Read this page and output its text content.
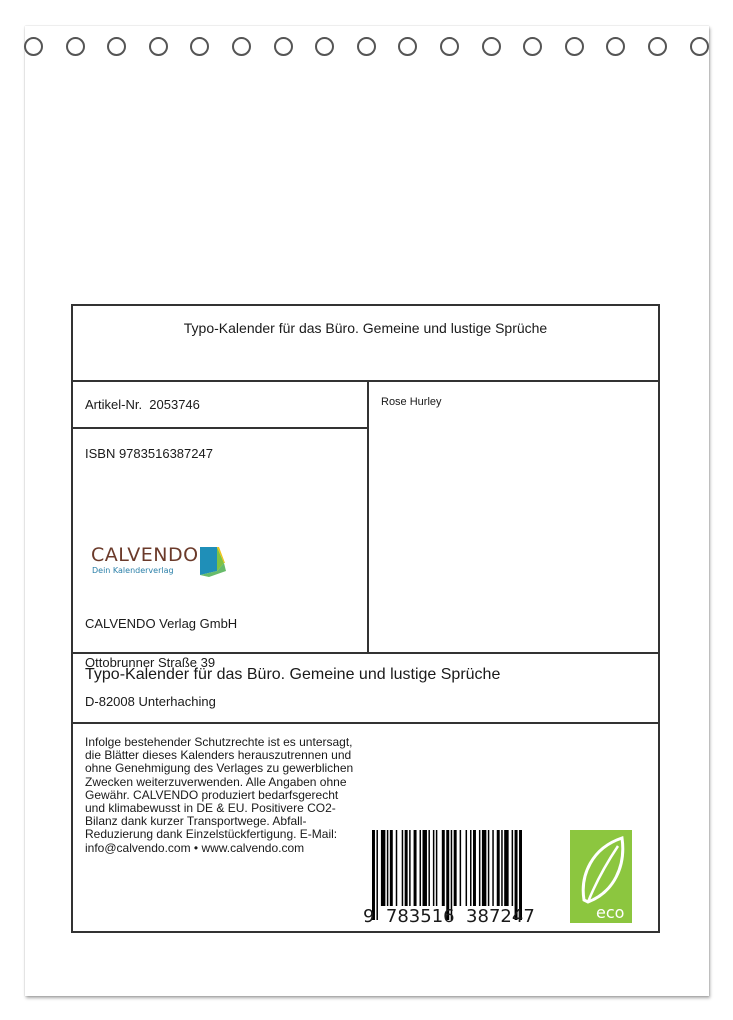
Typo-Kalender für das Büro. Gemeine und lustige Sprüche
Artikel-Nr.  2053746	Rose Hurley
ISBN 9783516387247
CALVENDO
Dein Kalenderverlag

CALVENDO Verlag GmbH

Ottobrunner Straße 39

D-82008 Unterhaching

Typo-Kalender für das Büro. Gemeine und lustige Sprüche
Infolge bestehender Schutzrechte ist es untersagt, die Blätter dieses Kalenders herauszutrennen und ohne Genehmigung des Verlages zu gewerblichen Zwecken weiterzuverwenden. Alle Angaben ohne Gewähr. CALVENDO produziert bedarfsgerecht und klimabewusst in DE & EU. Positivere CO2-Bilanz dank kurzer Transportwege. Abfall-Reduzierung dank Einzelstückfertigung. E-Mail: info@calvendo.com • www.calvendo.com
9  783516  387247	eco
